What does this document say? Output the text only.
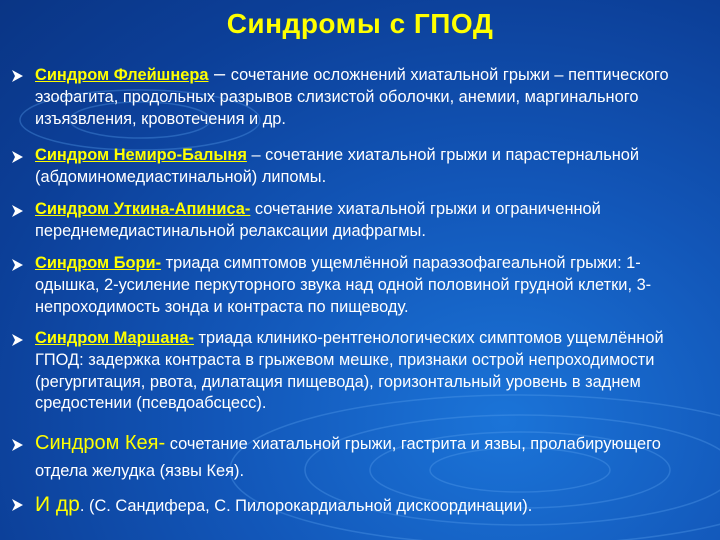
Синдромы с ГПОД
Синдром Флейшнера – сочетание осложнений хиатальной грыжи – пептического эзофагита, продольных разрывов слизистой оболочки, анемии, маргинального изъязвления, кровотечения и др.
Синдром Немиро-Балыня – сочетание хиатальной грыжи и парастернальной (абдоминомедиастинальной) липомы.
Синдром Уткина-Апиниса- сочетание хиатальной грыжи и ограниченной переднемедиастинальной релаксации диафрагмы.
Синдром Бори- триада симптомов ущемлённой параэзофагеальной грыжи: 1-одышка, 2-усиление перкуторного звука над одной половиной грудной клетки, 3-непроходимость зонда и контраста по пищеводу.
Синдром Маршана- триада клинико-рентгенологических симптомов ущемлённой ГПОД: задержка контраста в грыжевом мешке, признаки острой непроходимости (регургитация, рвота, дилатация пищевода), горизонтальный уровень в заднем средостении (псевдоабсцесс).
Синдром Кея- сочетание хиатальной грыжи, гастрита и язвы, пролабирующего отдела желудка (язвы Кея).
И др. (С. Сандифера, С. Пилорокардиальной дискоординации).
